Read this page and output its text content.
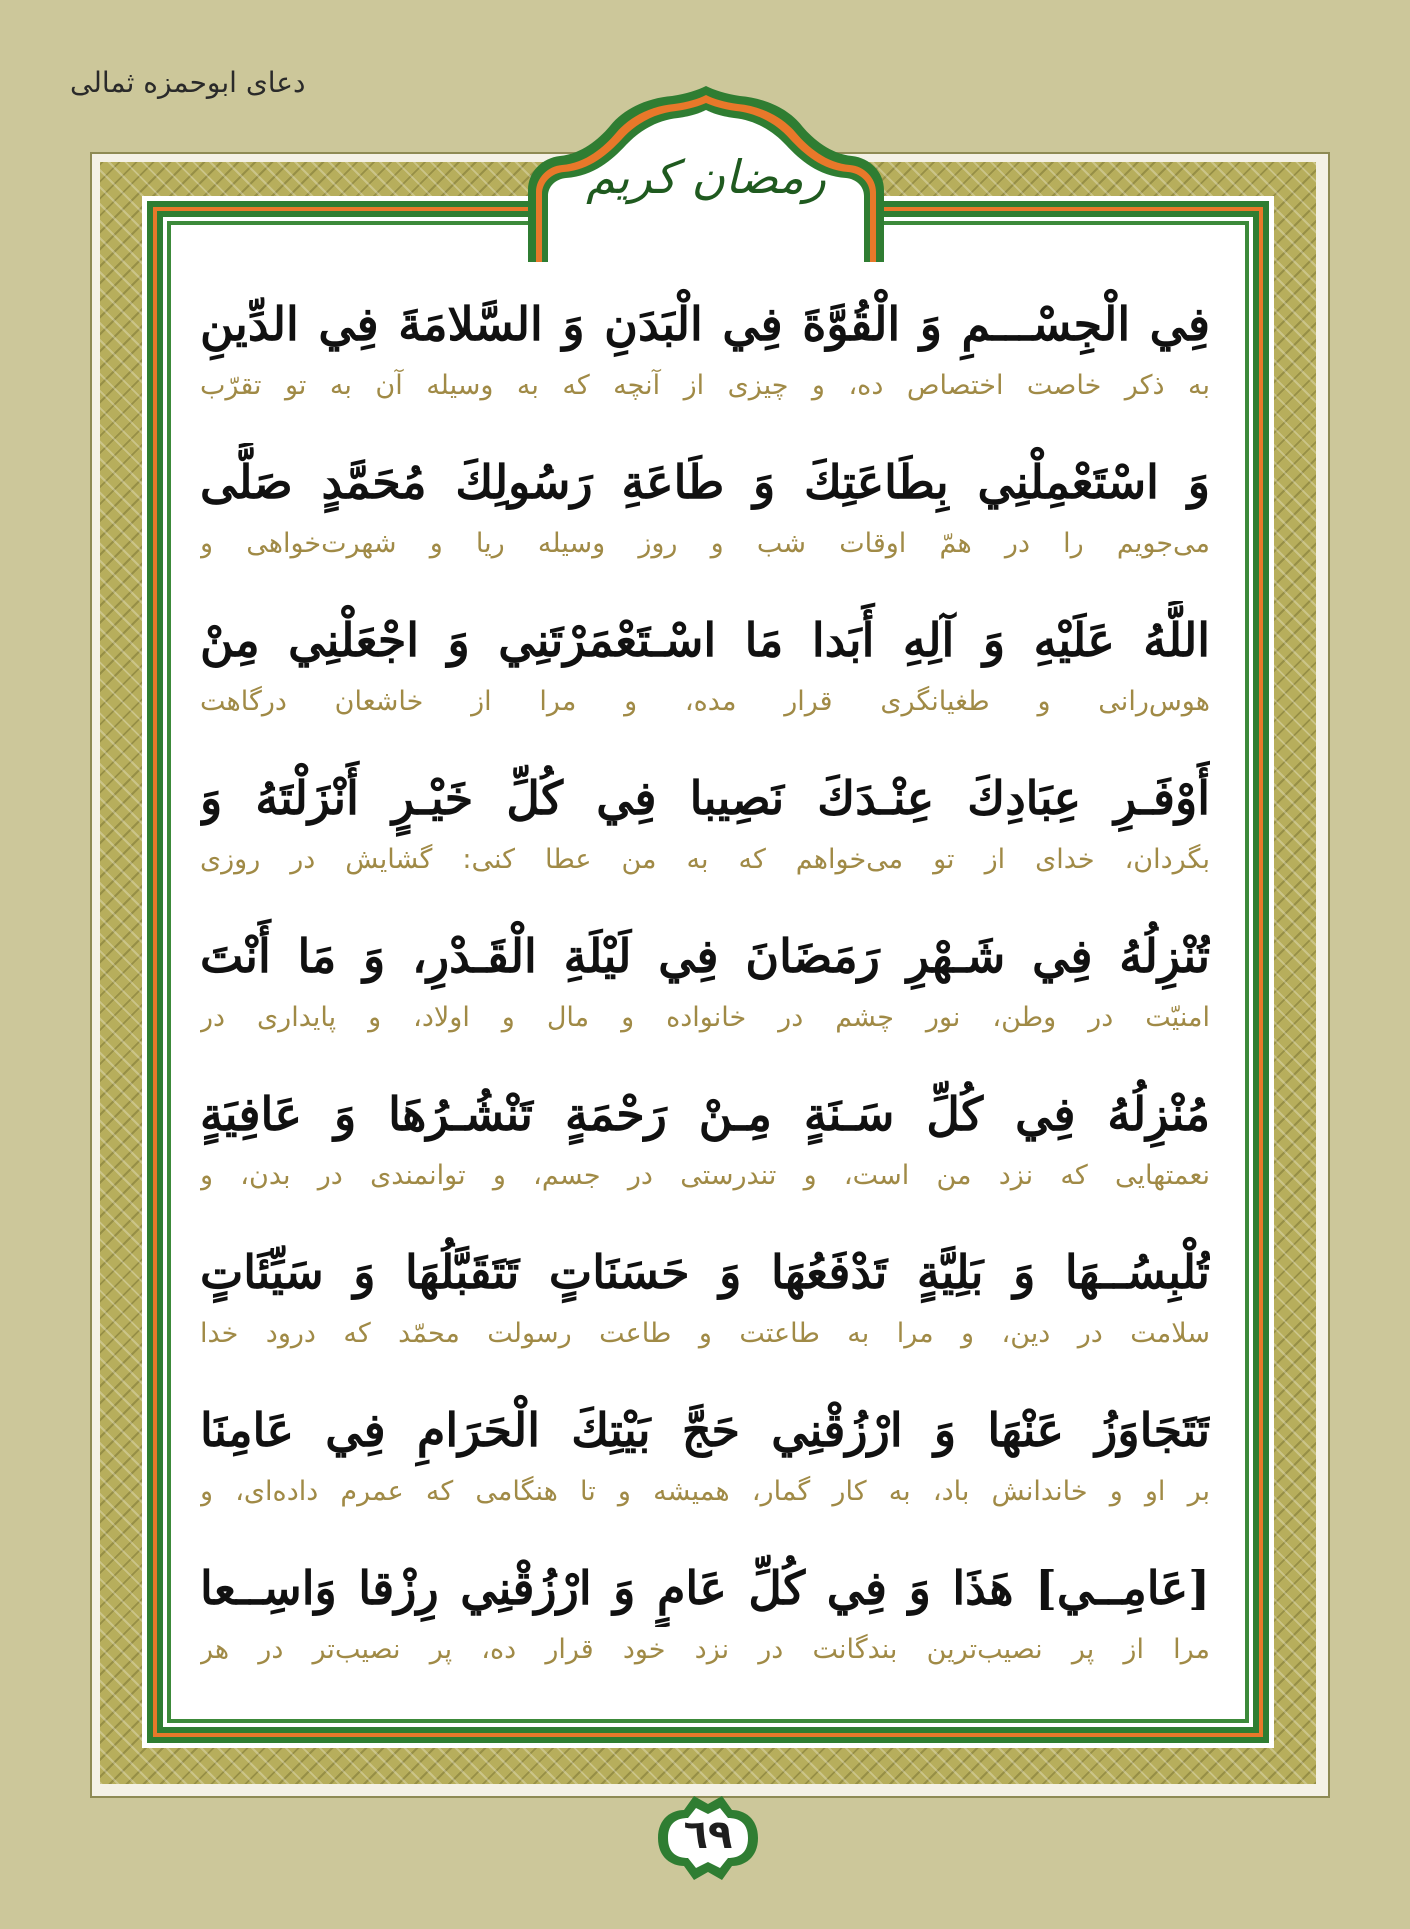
دعای ابوحمزه ثمالی
رمضان کریم
فِي الْجِسْـــمِ وَ الْقُوَّةَ فِي الْبَدَنِ وَ السَّلامَةَ فِي الدِّينِ
به ذکر خاصت اختصاص ده، و چیزی از آنچه که به وسیله آن به تو تقرّب
وَ اسْتَعْمِلْنِي بِطَاعَتِكَ وَ طَاعَةِ رَسُولِكَ مُحَمَّدٍ صَلَّى
می‌جویم را در همّ اوقات شب و روز وسیله ریا و شهرت‌خواهی و
اللَّهُ عَلَيْهِ وَ آلِهِ أَبَدا مَا اسْـتَعْمَرْتَنِي وَ اجْعَلْنِي مِنْ
هوس‌رانی و طغیانگری قرار مده، و مرا از خاشعان درگاهت
أَوْفَـرِ عِبَادِكَ عِنْـدَكَ نَصِيبا فِي كُلِّ خَيْـرٍ أَنْزَلْتَهُ وَ
بگردان، خدای از تو می‌خواهم که به من عطا کنی: گشایش در روزی
تُنْزِلُهُ فِي شَـهْرِ رَمَضَانَ فِي لَيْلَةِ الْقَـدْرِ، وَ مَا أَنْتَ
امنیّت در وطن، نور چشم در خانواده و مال و اولاد، و پایداری در
مُنْزِلُهُ فِي كُلِّ سَـنَةٍ مِـنْ رَحْمَةٍ تَنْشُـرُهَا وَ عَافِيَةٍ
نعمتهایی که نزد من است، و تندرستی در جسم، و توانمندی در بدن، و
تُلْبِسُــهَا وَ بَلِيَّةٍ تَدْفَعُهَا وَ حَسَنَاتٍ تَتَقَبَّلُهَا وَ سَيِّئَاتٍ
سلامت در دین، و مرا به طاعتت و طاعت رسولت محمّد که درود خدا
تَتَجَاوَزُ عَنْهَا وَ ارْزُقْنِي حَجَّ بَيْتِكَ الْحَرَامِ فِي عَامِنَا
بر او و خاندانش باد، به کار گمار، همیشه و تا هنگامی که عمرم داده‌ای، و
[عَامِــي] هَذَا وَ فِي كُلِّ عَامٍ وَ ارْزُقْنِي رِزْقا وَاسِــعا
مرا از پر نصیب‌ترین بندگانت در نزد خود قرار ده، پر نصیب‌تر در هر
٦٩
